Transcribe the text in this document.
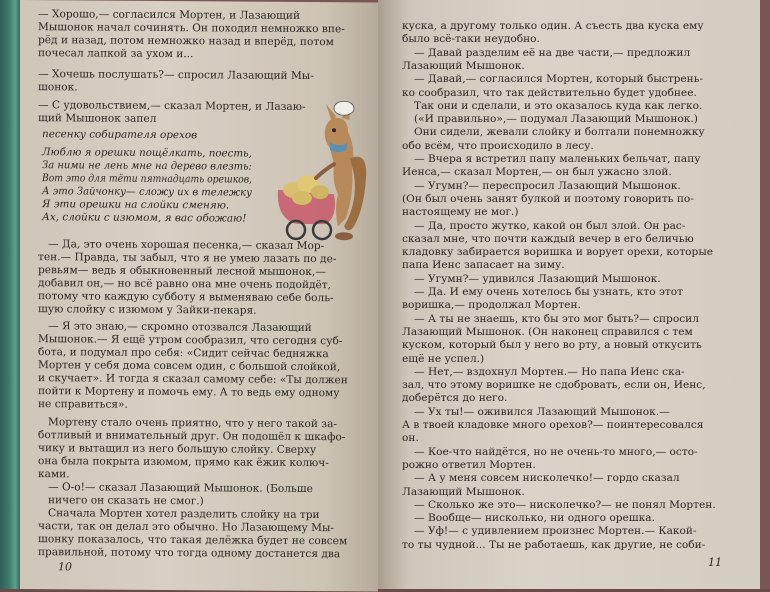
— Хорошо,— согласился Мортен, и Лазающий
Мышонок начал сочинять. Он походил немножко впе-
рёд и назад, потом немножко назад и вперёд, потом
почесал лапкой за ухом и...
— Хочешь послушать?— спросил Лазающий Мы-
шонок.
— С удовольствием,— сказал Мортен, и Лазаю-
щий Мышонок запел
песенку собирателя орехов
Люблю я орешки пощёлкать, поесть,
За ними не лень мне на дерево влезть:
Вот это для тёти пятнадцать орешков,
А это Зайчонку— сложу их в тележку
Я эти орешки на слойки сменяю.
Ах, слойки с изюмом, я вас обожаю!
— Да, это очень хорошая песенка,— сказал Мор-
тен.— Правда, ты забыл, что я не умею лазать по де-
ревьям— ведь я обыкновенный лесной мышонок,—
добавил он,— но всё равно она мне очень подойдёт,
потому что каждую субботу я выменяваю себе боль-
шую слойку с изюмом у Зайки-пекаря.
— Я это знаю,— скромно отозвался Лазающий
Мышонок.— Я ещё утром сообразил, что сегодня суб-
бота, и подумал про себя: «Сидит сейчас бедняжка
Мортен у себя дома совсем один, с большой слойкой,
и скучает». И тогда я сказал самому себе: «Ты должен
пойти к Мортену и помочь ему. А то ведь ему одному
не справиться».
Мортену стало очень приятно, что у него такой за-
ботливый и внимательный друг. Он подошёл к шкафо-
чику и вытащил из него большую слойку. Сверху
она была покрыта изюмом, прямо как ёжик колюч-
ками.
— О-о!— сказал Лазающий Мышонок. (Больше
ничего он сказать не смог.)
Сначала Мортен хотел разделить слойку на три
части, так он делал это обычно. Но Лазающему Мы-
шонку показалось, что такая делёжка будет не совсем
правильной, потому что тогда одному достанется два
10
куска, а другому только один. А съесть два куска ему
было всё-таки неудобно.
— Давай разделим её на две части,— предложил
Лазающий Мышонок.
— Давай,— согласился Мортен, который быстрень-
ко сообразил, что так действительно будет удобнее.
Так они и сделали, и это оказалось куда как легко.
(«И правильно»,— подумал Лазающий Мышонок.)
Они сидели, жевали слойку и болтали понемножку
обо всём, что происходило в лесу.
— Вчера я встретил папу маленьких бельчат, папу
Иенса,— сказал Мортен,— он был ужасно злой.
— Угумн?— переспросил Лазающий Мышонок.
(Он был очень занят булкой и поэтому говорить по-
настоящему не мог.)
— Да, просто жутко, какой он был злой. Он рас-
сказал мне, что почти каждый вечер в его беличью
кладовку забирается воришка и ворует орехи, которые
папа Иенс запасает на зиму.
— Угумн?— удивился Лазающий Мышонок.
— Да. И ему очень хотелось бы узнать, кто этот
воришка,— продолжал Мортен.
— А ты не знаешь, кто бы это мог быть?— спросил
Лазающий Мышонок. (Он наконец справился с тем
куском, который был у него во рту, а новый откусить
ещё не успел.)
— Нет,— вздохнул Мортен.— Но папа Иенс ска-
зал, что этому воришке не сдобровать, если он, Иенс,
доберётся до него.
— Ух ты!— оживился Лазающий Мышонок.—
А в твоей кладовке много орехов?— поинтересовался
он.
— Кое-что найдётся, но не очень-то много,— осто-
рожно ответил Мортен.
— А у меня совсем нисколечко!— гордо сказал
Лазающий Мышонок.
— Сколько же это— нисколечко?— не понял Мортен.
— Вообще— нисколько, ни одного орешка.
— Уф!— с удивлением произнес Мортен.— Какой-
то ты чудной... Ты не работаешь, как другие, не соби-
11
